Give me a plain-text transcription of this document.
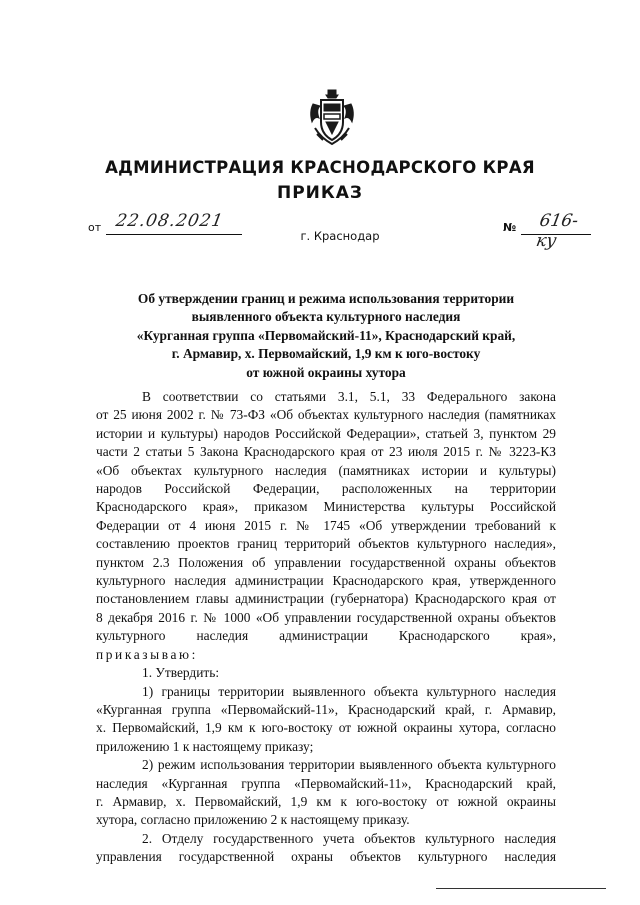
АДМИНИСТРАЦИЯ КРАСНОДАРСКОГО КРАЯ
ПРИКАЗ
от 22.08.2021	№ 616-ку
г. Краснодар
Об утверждении границ и режима использования территории
выявленного объекта культурного наследия
«Курганная группа «Первомайский-11», Краснодарский край,
г. Армавир, х. Первомайский, 1,9 км к юго-востоку
от южной окраины хутора
В соответствии со статьями 3.1, 5.1, 33 Федерального закона
от 25 июня 2002 г. № 73-ФЗ «Об объектах культурного наследия (памятниках
истории и культуры) народов Российской Федерации», статьей 3, пунктом 29
части 2 статьи 5 Закона Краснодарского края от 23 июля 2015 г. № 3223-КЗ
«Об объектах культурного наследия (памятниках истории и культуры)
народов Российской Федерации, расположенных на территории
Краснодарского края», приказом Министерства культуры Российской
Федерации от 4 июня 2015 г. № 1745 «Об утверждении требований к
составлению проектов границ территорий объектов культурного наследия»,
пунктом 2.3 Положения об управлении государственной охраны объектов
культурного наследия администрации Краснодарского края, утвержденного
постановлением главы администрации (губернатора) Краснодарского края от
8 декабря 2016 г. № 1000 «Об управлении государственной охраны объектов
культурного наследия администрации Краснодарского края»,
приказываю:
1. Утвердить:
1) границы территории выявленного объекта культурного наследия
«Курганная группа «Первомайский-11», Краснодарский край, г. Армавир,
х. Первомайский, 1,9 км к юго-востоку от южной окраины хутора, согласно
приложению 1 к настоящему приказу;
2) режим использования территории выявленного объекта культурного
наследия «Курганная группа «Первомайский-11», Краснодарский край,
г. Армавир, х. Первомайский, 1,9 км к юго-востоку от южной окраины
хутора, согласно приложению 2 к настоящему приказу.
2. Отделу государственного учета объектов культурного наследия
управления государственной охраны объектов культурного наследия
